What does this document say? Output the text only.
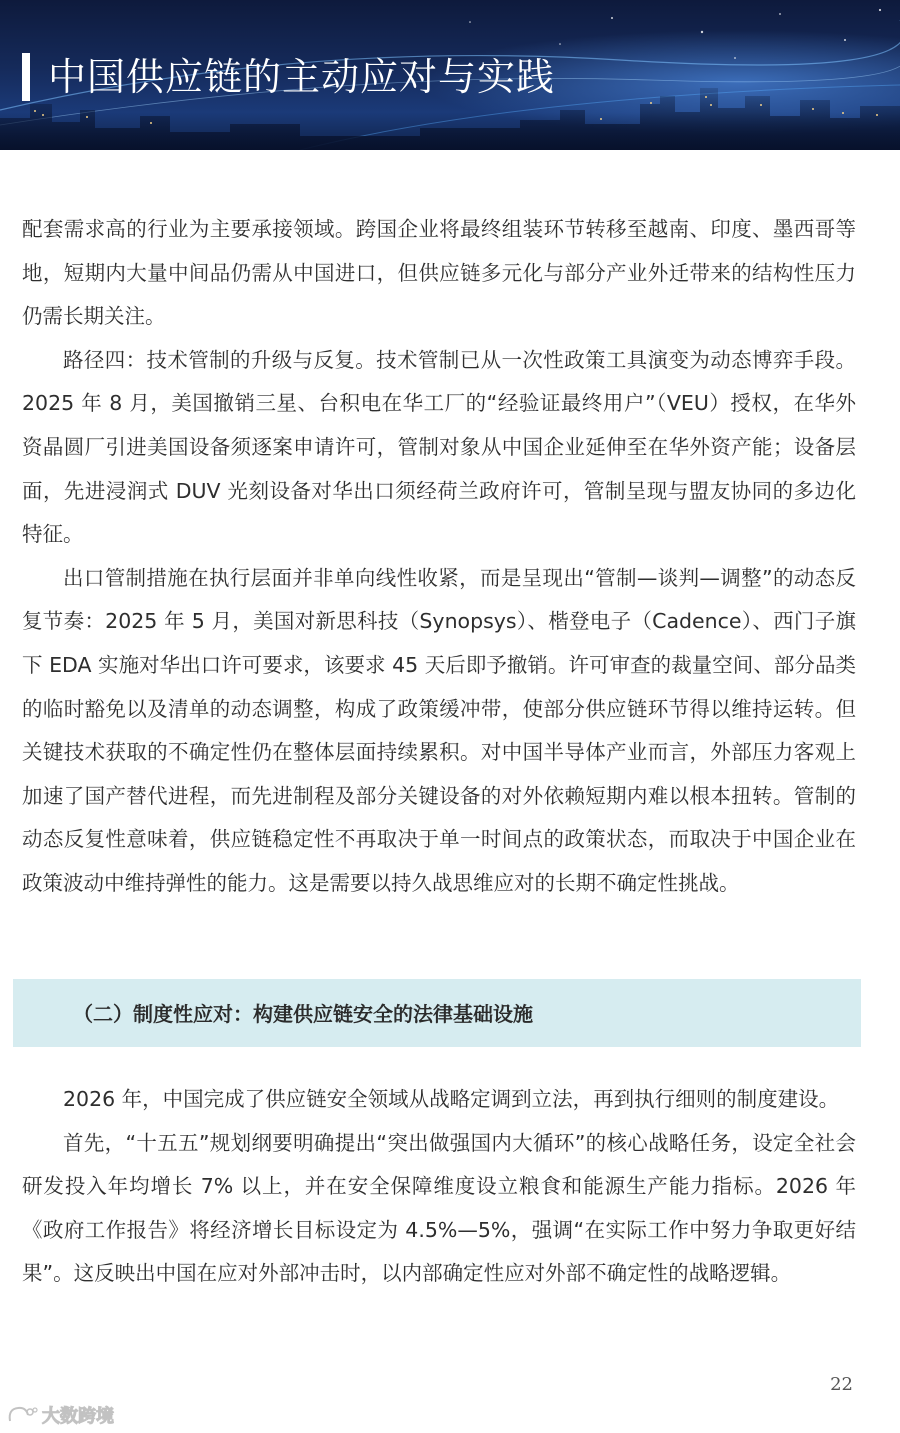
中国供应链的主动应对与实践

配套需求高的行业为主要承接领域。跨国企业将最终组装环节转移至越南、印度、墨西哥等地，短期内大量中间品仍需从中国进口，但供应链多元化与部分产业外迁带来的结构性压力仍需长期关注。

路径四：技术管制的升级与反复。技术管制已从一次性政策工具演变为动态博弈手段。2025 年 8 月，美国撤销三星、台积电在华工厂的“经验证最终用户”（VEU）授权，在华外资晶圆厂引进美国设备须逐案申请许可，管制对象从中国企业延伸至在华外资产能；设备层面，先进浸润式 DUV 光刻设备对华出口须经荷兰政府许可，管制呈现与盟友协同的多边化特征。

出口管制措施在执行层面并非单向线性收紧，而是呈现出“管制—谈判—调整”的动态反复节奏：2025 年 5 月，美国对新思科技（Synopsys）、楷登电子（Cadence）、西门子旗下 EDA 实施对华出口许可要求，该要求 45 天后即予撤销。许可审查的裁量空间、部分品类的临时豁免以及清单的动态调整，构成了政策缓冲带，使部分供应链环节得以维持运转。但关键技术获取的不确定性仍在整体层面持续累积。对中国半导体产业而言，外部压力客观上加速了国产替代进程，而先进制程及部分关键设备的对外依赖短期内难以根本扭转。管制的动态反复性意味着，供应链稳定性不再取决于单一时间点的政策状态，而取决于中国企业在政策波动中维持弹性的能力。这是需要以持久战思维应对的长期不确定性挑战。

（二）制度性应对：构建供应链安全的法律基础设施

2026 年，中国完成了供应链安全领域从战略定调到立法，再到执行细则的制度建设。

首先，“十五五”规划纲要明确提出“突出做强国内大循环”的核心战略任务，设定全社会研发投入年均增长 7% 以上，并在安全保障维度设立粮食和能源生产能力指标。2026 年《政府工作报告》将经济增长目标设定为 4.5%—5%，强调“在实际工作中努力争取更好结果”。这反映出中国在应对外部冲击时，以内部确定性应对外部不确定性的战略逻辑。

22
大数跨境
